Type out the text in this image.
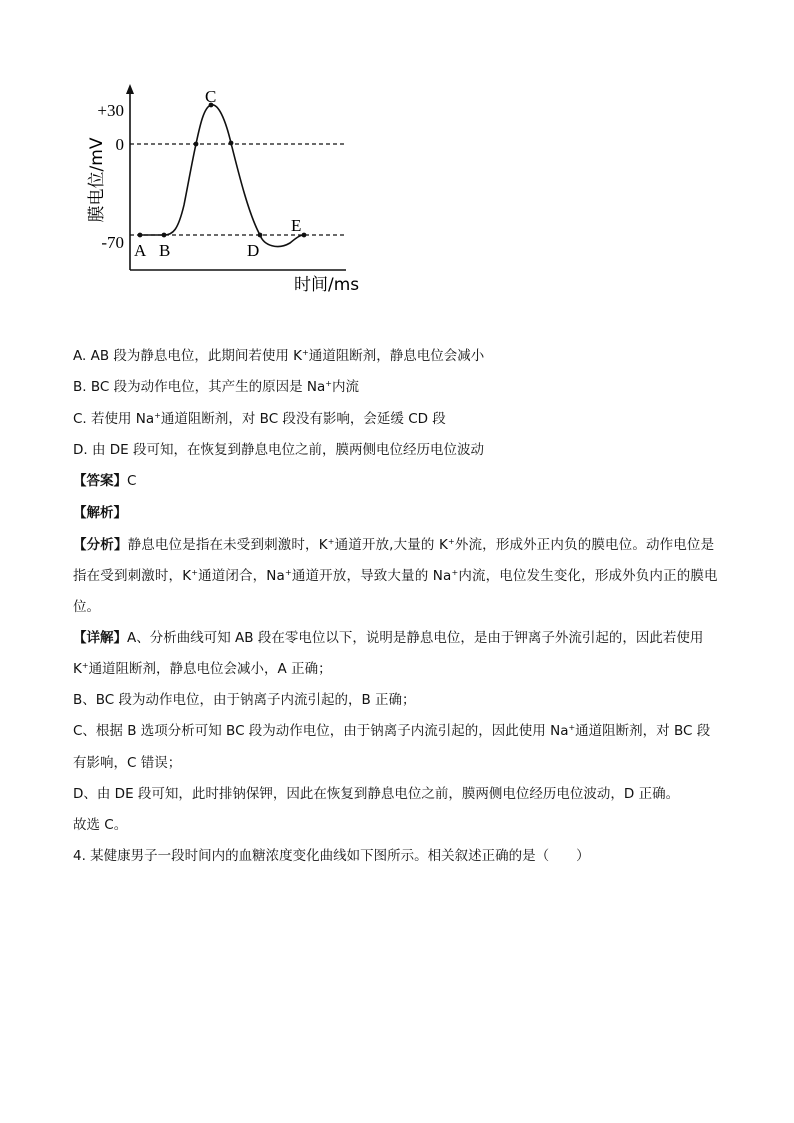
+30
0
-70 A B
C
D
E
膜电位/mV
时间/ms
A. AB 段为静息电位，此期间若使用 K+通道阻断剂，静息电位会减小
B. BC 段为动作电位，其产生的原因是 Na+内流
C. 若使用 Na+通道阻断剂，对 BC 段没有影响，会延缓 CD 段
D. 由 DE 段可知，在恢复到静息电位之前，膜两侧电位经历电位波动
【答案】C
【解析】
【分析】静息电位是指在未受到刺激时，K+通道开放,大量的 K+外流，形成外正内负的膜电位。动作电位是
指在受到刺激时，K+通道闭合，Na+通道开放，导致大量的 Na+内流，电位发生变化，形成外负内正的膜电
位。
【详解】A、分析曲线可知 AB 段在零电位以下，说明是静息电位，是由于钾离子外流引起的，因此若使用
K+通道阻断剂，静息电位会减小，A 正确；
B、BC 段为动作电位，由于钠离子内流引起的，B 正确；
C、根据 B 选项分析可知 BC 段为动作电位，由于钠离子内流引起的，因此使用 Na+通道阻断剂，对 BC 段
有影响，C 错误；
D、由 DE 段可知，此时排钠保钾，因此在恢复到静息电位之前，膜两侧电位经历电位波动，D 正确。
故选 C。
4. 某健康男子一段时间内的血糖浓度变化曲线如下图所示。相关叙述正确的是（　　）
